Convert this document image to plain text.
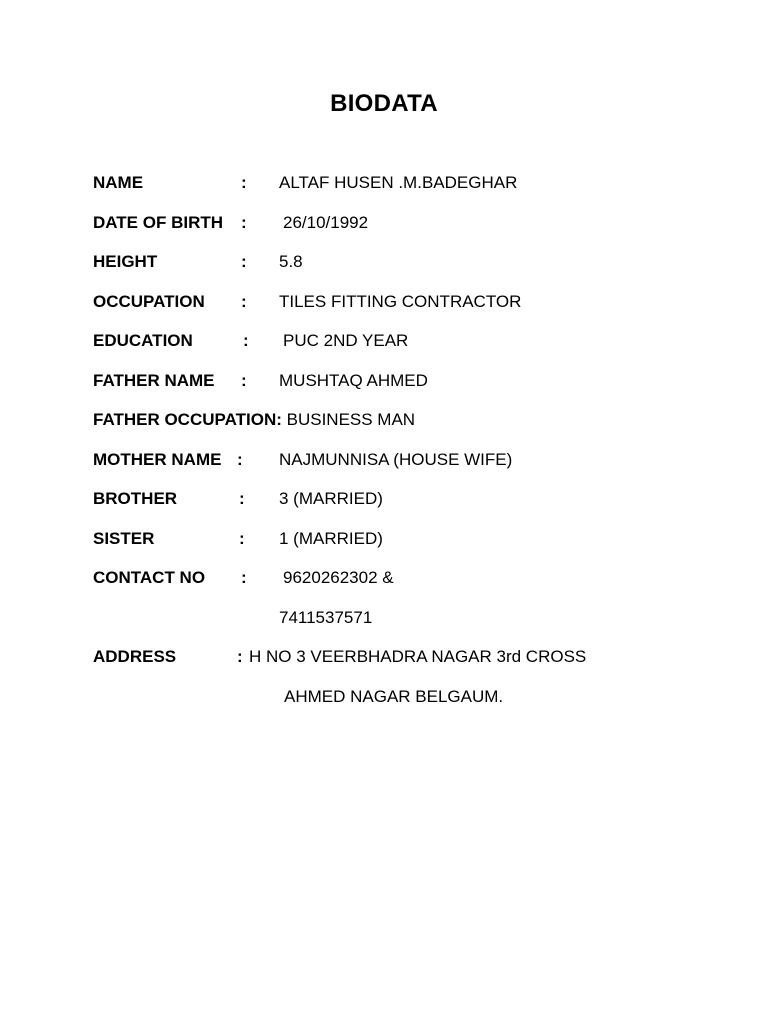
BIODATA
NAME	: ALTAF HUSEN .M.BADEGHAR
DATE OF BIRTH : 26/10/1992
HEIGHT	: 5.8
OCCUPATION : TILES FITTING CONTRACTOR
EDUCATION	: PUC 2ND YEAR
FATHER NAME : MUSHTAQ AHMED
FATHER OCCUPATION: BUSINESS MAN
MOTHER NAME : NAJMUNNISA (HOUSE WIFE)
BROTHER	: 3 (MARRIED)
SISTER	: 1 (MARRIED)
CONTACT NO : 9620262302 &
7411537571
ADDRESS	: H NO 3 VEERBHADRA NAGAR 3rd CROSS
AHMED NAGAR BELGAUM.
